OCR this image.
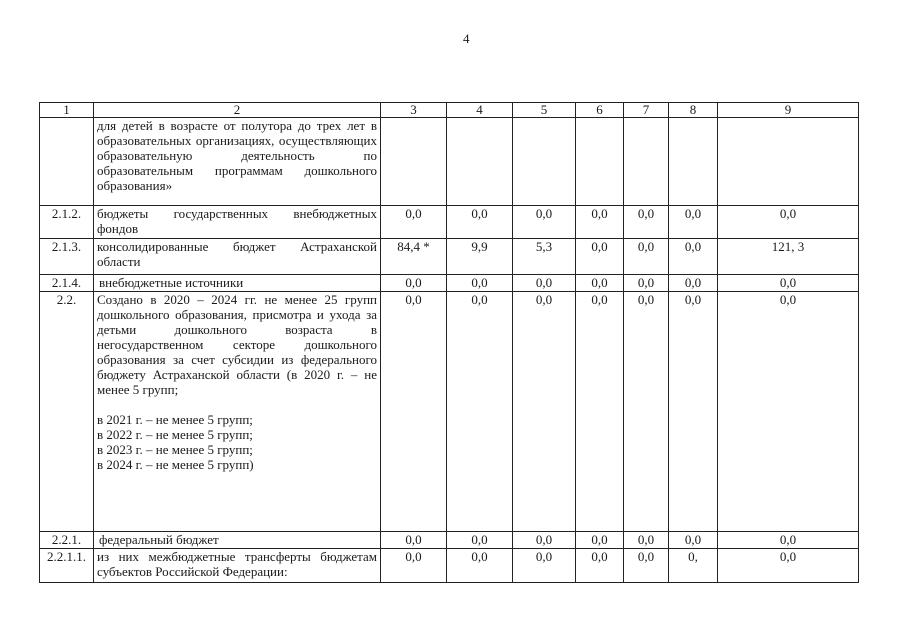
4
1	2	3	4	5	6	7	8	9
	для детей в возрасте от полутора до трех лет в образовательных организациях, осуществляющих образовательную деятельность по образовательным программам дошкольного образования»							
2.1.2.	бюджеты государственных внебюджетных фондов	0,0	0,0	0,0	0,0	0,0	0,0	0,0
2.1.3.	консолидированные бюджет Астраханской области	84,4 *	9,9	5,3	0,0	0,0	0,0	121, 3
2.1.4.	внебюджетные источники	0,0	0,0	0,0	0,0	0,0	0,0	0,0
2.2.	Создано в 2020 – 2024 гг. не менее 25 групп дошкольного образования, присмотра и ухода за детьми дошкольного возраста в негосударственном секторе дошкольного образования за счет субсидии из федерального бюджету Астраханской области (в 2020 г. – не менее 5 групп;
в 2021 г. – не менее 5 групп;
в 2022 г. – не менее 5 групп;
в 2023 г. – не менее 5 групп;
в 2024 г. – не менее 5 групп)	0,0	0,0	0,0	0,0	0,0	0,0	0,0
2.2.1.	федеральный бюджет	0,0	0,0	0,0	0,0	0,0	0,0	0,0
2.2.1.1.	из них межбюджетные трансферты бюджетам субъектов Российской Федерации:	0,0	0,0	0,0	0,0	0,0	0,	0,0
